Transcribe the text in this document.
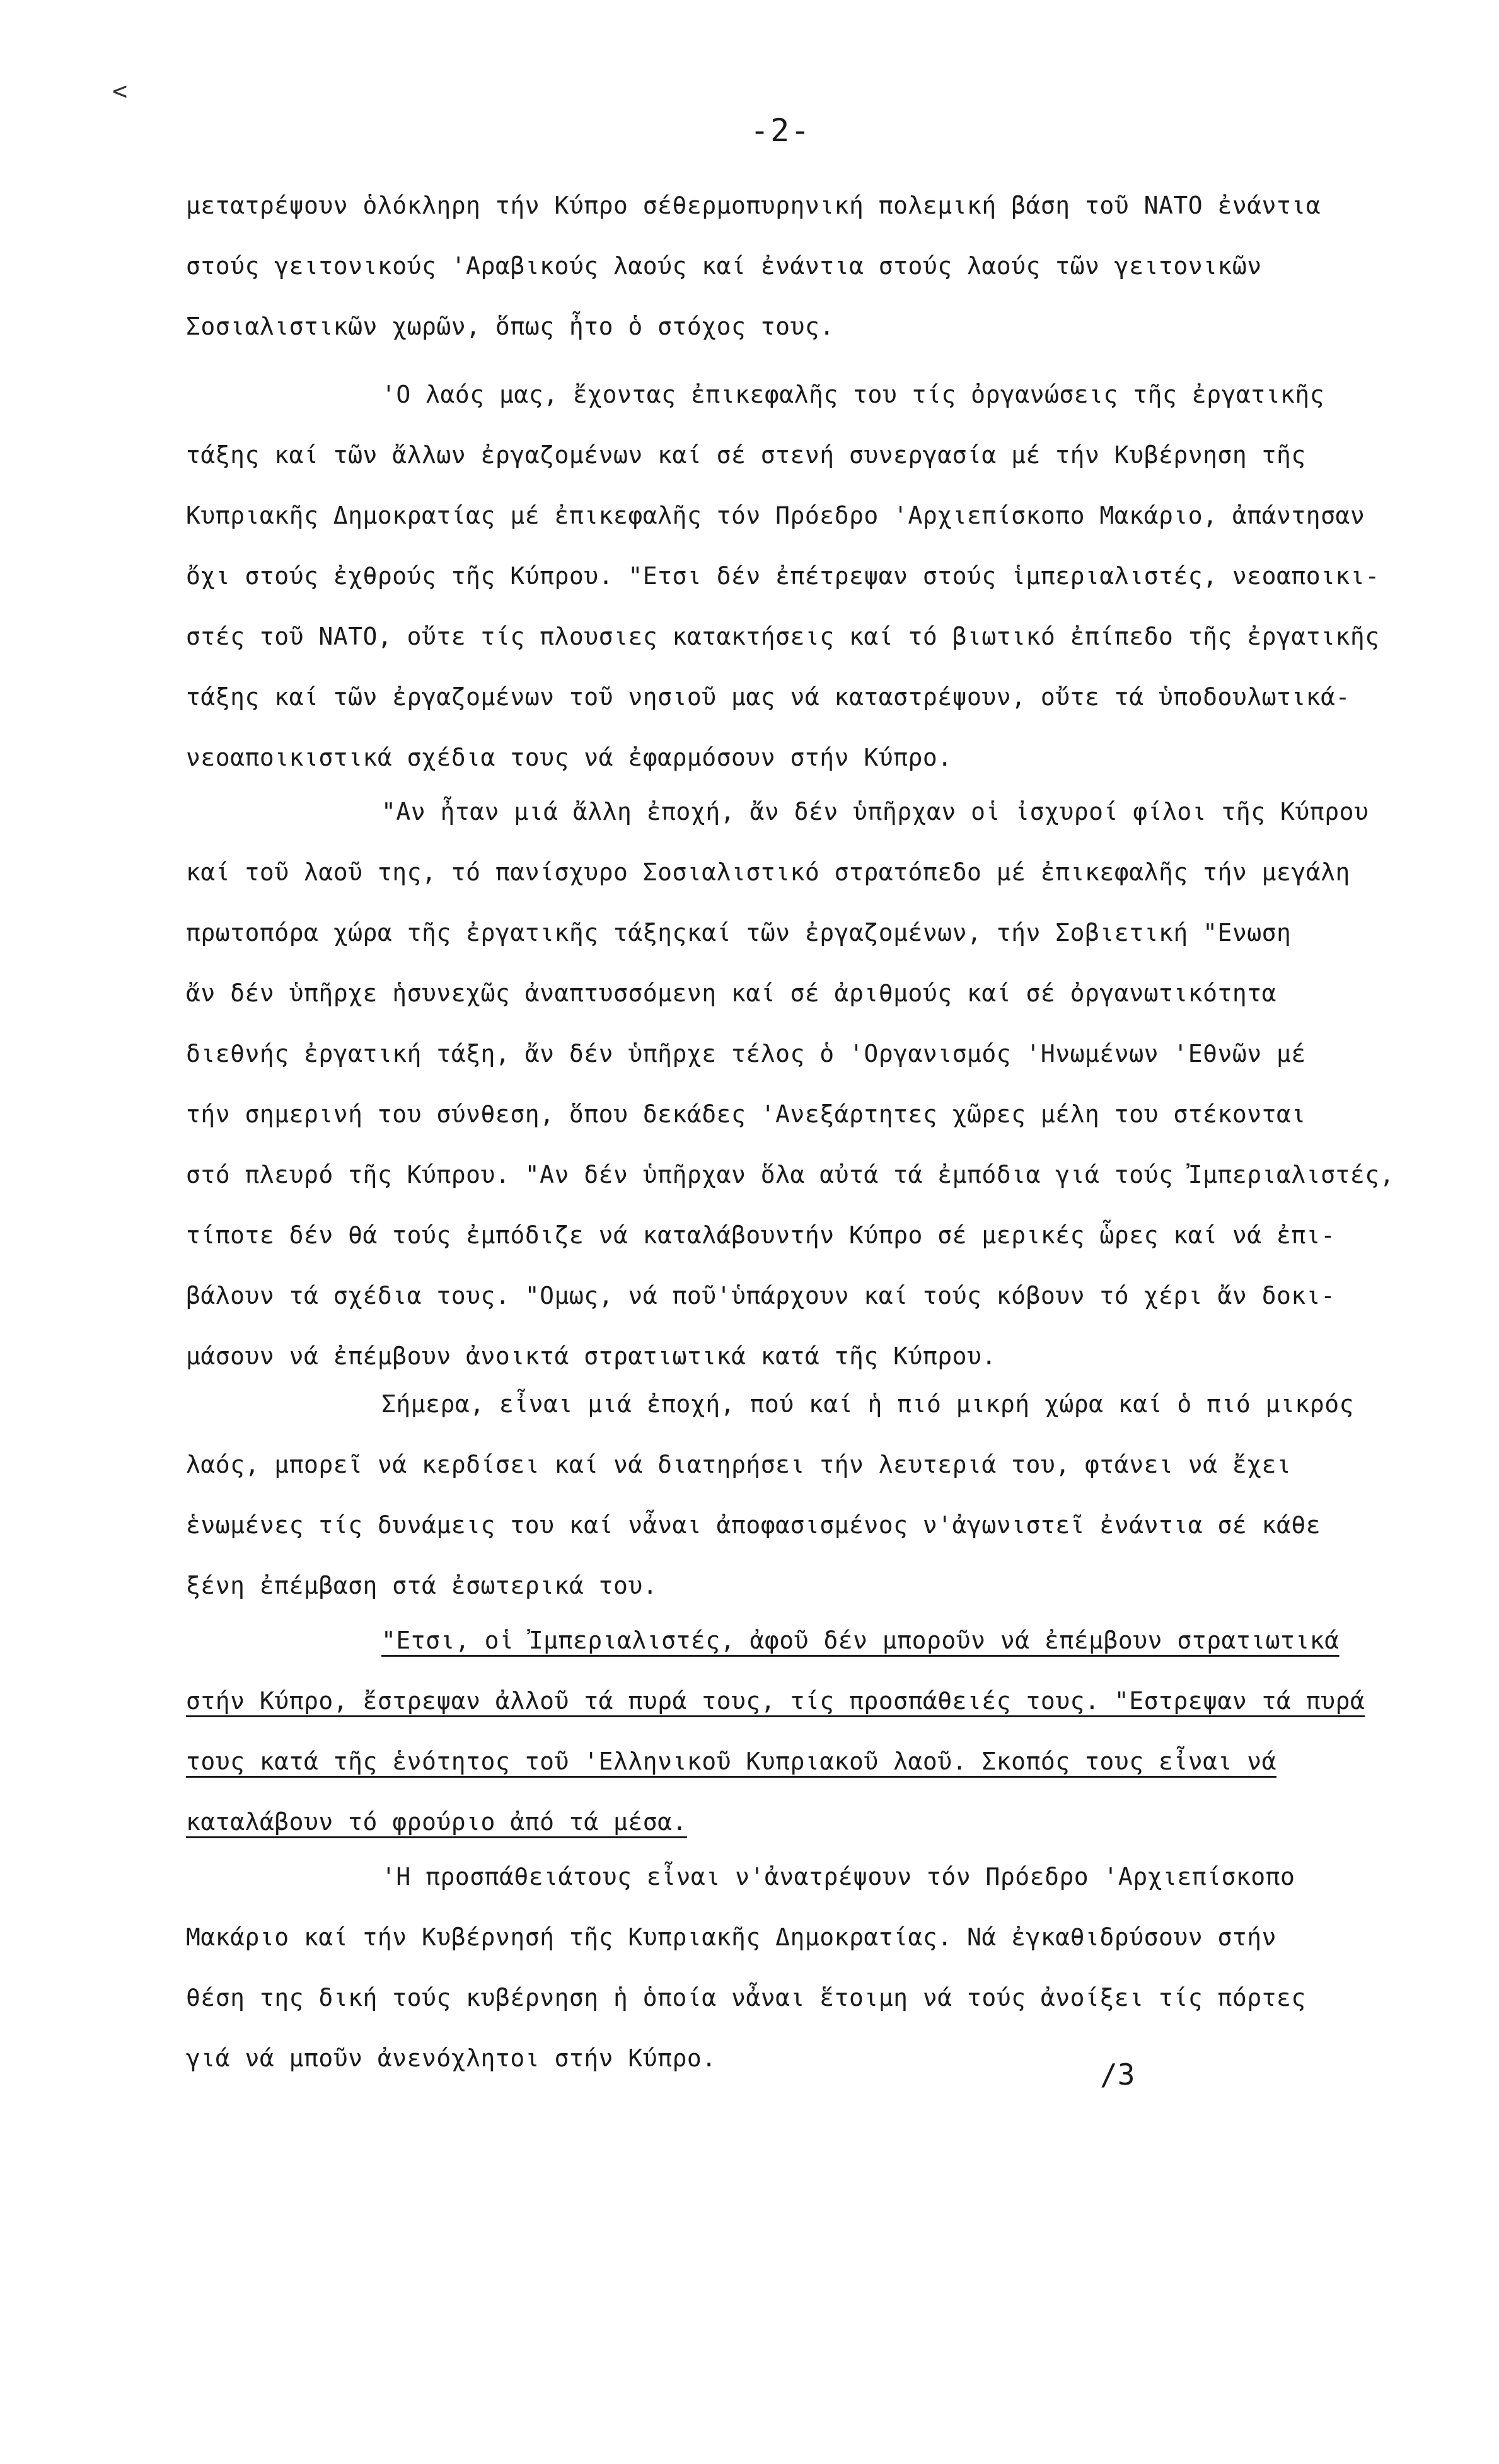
<
-2-
μετατρέψουν ὁλόκληρη τήν Κύπρο σέθερμοπυρηνική πολεμική βάση τοῦ NATO ἐνάντια
στούς γειτονικούς 'Αραβικούς λαούς καί ἐνάντια στούς λαούς τῶν γειτονικῶν
Σοσιαλιστικῶν χωρῶν, ὅπως ἦτο ὁ στόχος τους.
'Ο λαός μας, ἔχοντας ἐπικεφαλῆς του τίς ὀργανώσεις τῆς ἐργατικῆς
τάξης καί τῶν ἄλλων ἐργαζομένων καί σέ στενή συνεργασία μέ τήν Κυβέρνηση τῆς
Κυπριακῆς Δημοκρατίας μέ ἐπικεφαλῆς τόν Πρόεδρο 'Αρχιεπίσκοπο Μακάριο, ἀπάντησαν
ὄχι στούς ἐχθρούς τῆς Κύπρου. "Ετσι δέν ἐπέτρεψαν στούς ἱμπεριαλιστές, νεοαποικι-
στές τοῦ NATO, οὔτε τίς πλουσιες κατακτήσεις καί τό βιωτικό ἐπίπεδο τῆς ἐργατικῆς
τάξης καί τῶν ἐργαζομένων τοῦ νησιοῦ μας νά καταστρέψουν, οὔτε τά ὑποδουλωτικά-
νεοαποικιστικά σχέδια τους νά ἐφαρμόσουν στήν Κύπρο.
"Αν ἦταν μιά ἄλλη ἐποχή, ἄν δέν ὑπῆρχαν οἱ ἰσχυροί φίλοι τῆς Κύπρου
καί τοῦ λαοῦ της, τό πανίσχυρο Σοσιαλιστικό στρατόπεδο μέ ἐπικεφαλῆς τήν μεγάλη
πρωτοπόρα χώρα τῆς ἐργατικῆς τάξηςκαί τῶν ἐργαζομένων, τήν Σοβιετική "Ενωση
ἄν δέν ὑπῆρχε ἡσυνεχῶς ἀναπτυσσόμενη καί σέ ἀριθμούς καί σέ ὀργανωτικότητα
διεθνής ἐργατική τάξη, ἄν δέν ὑπῆρχε τέλος ὁ 'Οργανισμός 'Ηνωμένων 'Εθνῶν μέ
τήν σημερινή του σύνθεση, ὅπου δεκάδες 'Ανεξάρτητες χῶρες μέλη του στέκονται
στό πλευρό τῆς Κύπρου. "Αν δέν ὑπῆρχαν ὅλα αὐτά τά ἐμπόδια γιά τούς Ἰμπεριαλιστές,
τίποτε δέν θά τούς ἐμπόδιζε νά καταλάβουντήν Κύπρο σέ μερικές ὧρες καί νά ἐπι-
βάλουν τά σχέδια τους. "Ομως, νά ποῦ'ὑπάρχουν καί τούς κόβουν τό χέρι ἄν δοκι-
μάσουν νά ἐπέμβουν ἀνοικτά στρατιωτικά κατά τῆς Κύπρου.
Σήμερα, εἶναι μιά ἐποχή, πού καί ἡ πιό μικρή χώρα καί ὁ πιό μικρός
λαός, μπορεῖ νά κερδίσει καί νά διατηρήσει τήν λευτεριά του, φτάνει νά ἔχει
ἑνωμένες τίς δυνάμεις του καί νἆναι ἀποφασισμένος ν'ἀγωνιστεῖ ἐνάντια σέ κάθε
ξένη ἐπέμβαση στά ἐσωτερικά του.
"Ετσι, οἱ Ἰμπεριαλιστές, ἀφοῦ δέν μποροῦν νά ἐπέμβουν στρατιωτικά
στήν Κύπρο, ἔστρεψαν ἀλλοῦ τά πυρά τους, τίς προσπάθειές τους. "Εστρεψαν τά πυρά
τους κατά τῆς ἑνότητος τοῦ 'Ελληνικοῦ Κυπριακοῦ λαοῦ. Σκοπός τους εἶναι νά
καταλάβουν τό φρούριο ἀπό τά μέσα.
'Η προσπάθειάτους εἶναι ν'ἀνατρέψουν τόν Πρόεδρο 'Αρχιεπίσκοπο
Μακάριο καί τήν Κυβέρνησή τῆς Κυπριακῆς Δημοκρατίας. Νά ἐγκαθιδρύσουν στήν
θέση της δική τούς κυβέρνηση ἡ ὁποία νἆναι ἕτοιμη νά τούς ἀνοίξει τίς πόρτες
γιά νά μποῦν ἀνενόχλητοι στήν Κύπρο.	/3
